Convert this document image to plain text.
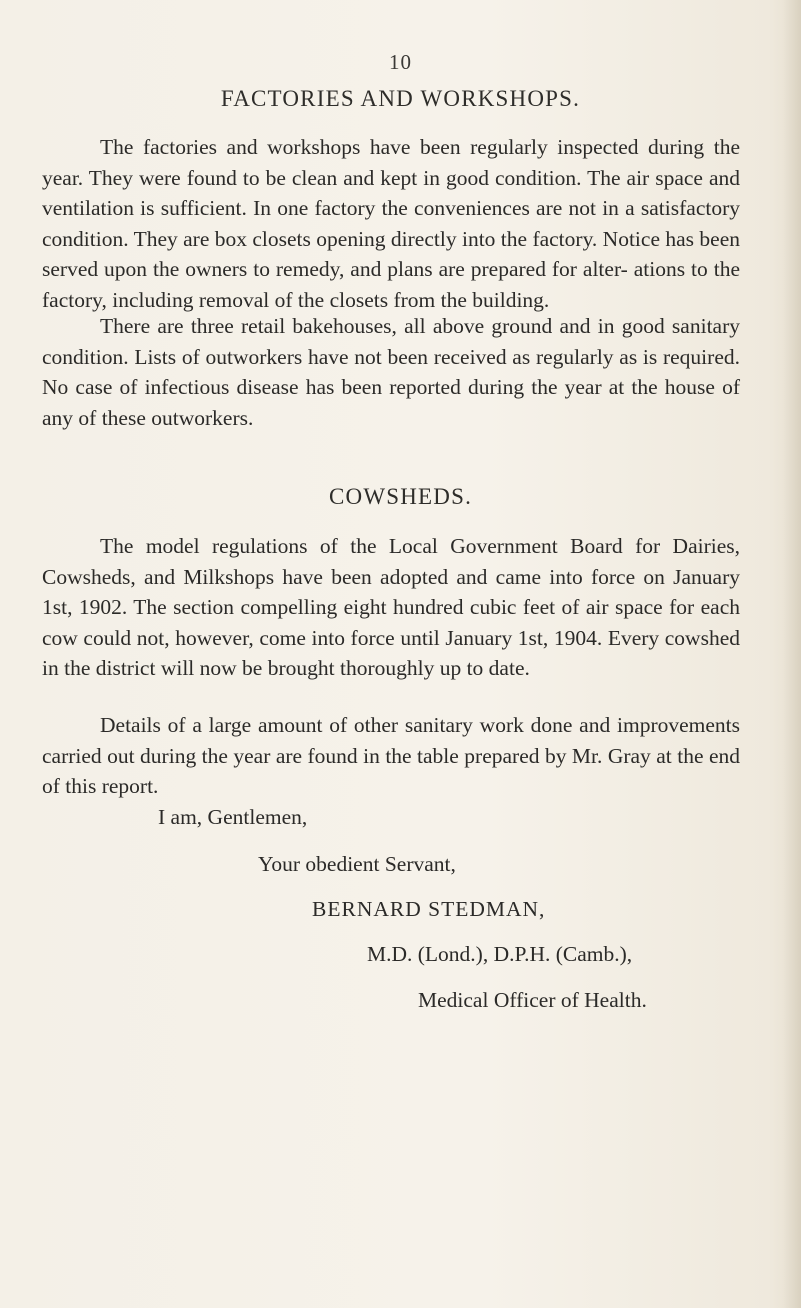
10
FACTORIES AND WORKSHOPS.
The factories and workshops have been regularly inspected during the year. They were found to be clean and kept in good condition. The air space and ventilation is sufficient. In one factory the conveniences are not in a satisfactory condition. They are box closets opening directly into the factory. Notice has been served upon the owners to remedy, and plans are prepared for alter- ations to the factory, including removal of the closets from the building.
There are three retail bakehouses, all above ground and in good sanitary condition. Lists of outworkers have not been received as regularly as is required. No case of infectious disease has been reported during the year at the house of any of these outworkers.
COWSHEDS.
The model regulations of the Local Government Board for Dairies, Cowsheds, and Milkshops have been adopted and came into force on January 1st, 1902. The section compelling eight hundred cubic feet of air space for each cow could not, however, come into force until January 1st, 1904. Every cowshed in the district will now be brought thoroughly up to date.
Details of a large amount of other sanitary work done and improvements carried out during the year are found in the table prepared by Mr. Gray at the end of this report.
I am, Gentlemen,
Your obedient Servant,
BERNARD STEDMAN,
M.D. (Lond.), D.P.H. (Camb.),
Medical Officer of Health.
